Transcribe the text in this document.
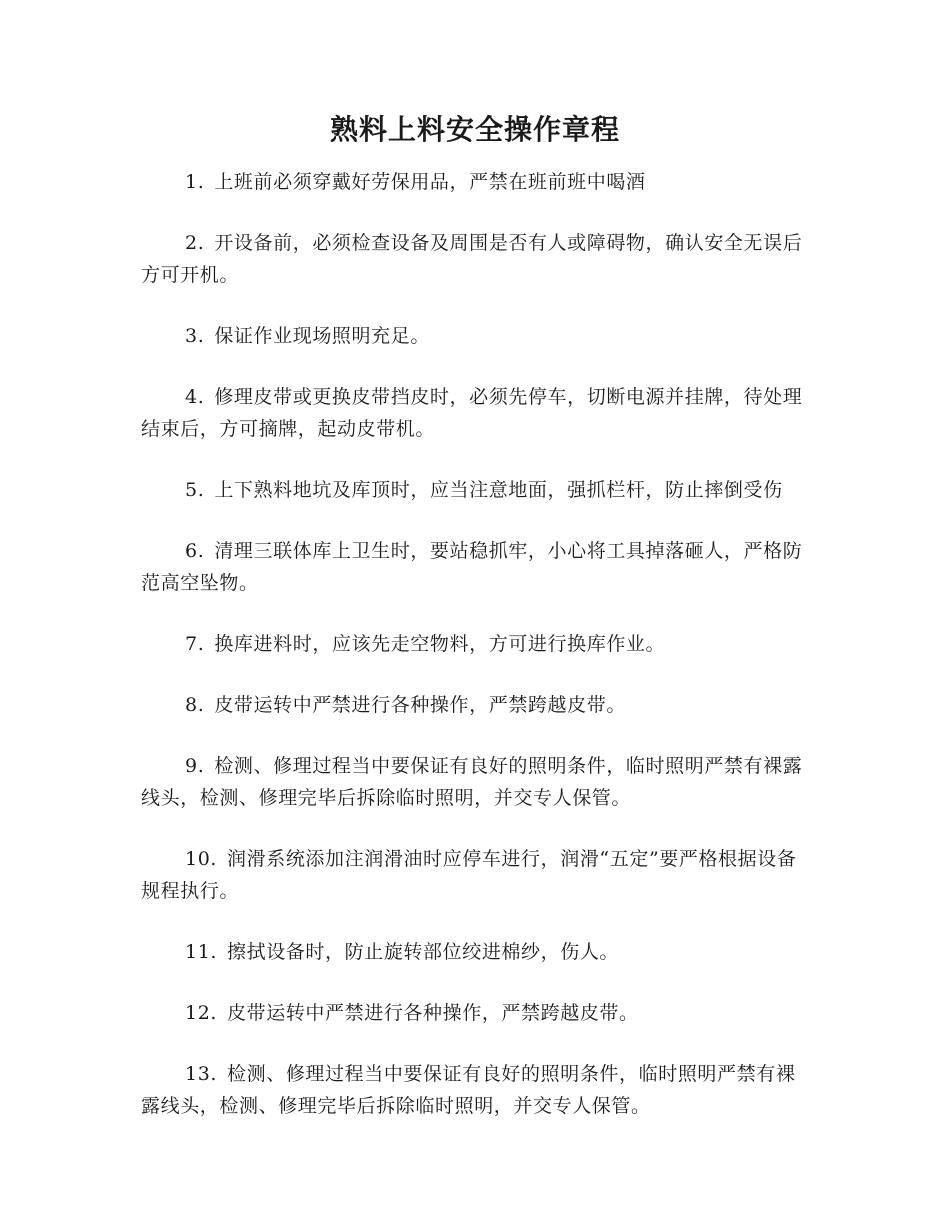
熟料上料安全操作章程

1. 上班前必须穿戴好劳保用品，严禁在班前班中喝酒

2. 开设备前，必须检查设备及周围是否有人或障碍物，确认安全无误后方可开机。

3. 保证作业现场照明充足。

4. 修理皮带或更换皮带挡皮时，必须先停车，切断电源并挂牌，待处理结束后，方可摘牌，起动皮带机。

5. 上下熟料地坑及库顶时，应当注意地面，强抓栏杆，防止摔倒受伤

6. 清理三联体库上卫生时，要站稳抓牢，小心将工具掉落砸人，严格防范高空坠物。

7. 换库进料时，应该先走空物料，方可进行换库作业。

8. 皮带运转中严禁进行各种操作，严禁跨越皮带。

9. 检测、修理过程当中要保证有良好的照明条件，临时照明严禁有裸露线头，检测、修理完毕后拆除临时照明，并交专人保管。

10. 润滑系统添加注润滑油时应停车进行，润滑“五定”要严格根据设备规程执行。

11. 擦拭设备时，防止旋转部位绞进棉纱，伤人。

12. 皮带运转中严禁进行各种操作，严禁跨越皮带。

13. 检测、修理过程当中要保证有良好的照明条件，临时照明严禁有裸露线头，检测、修理完毕后拆除临时照明，并交专人保管。
